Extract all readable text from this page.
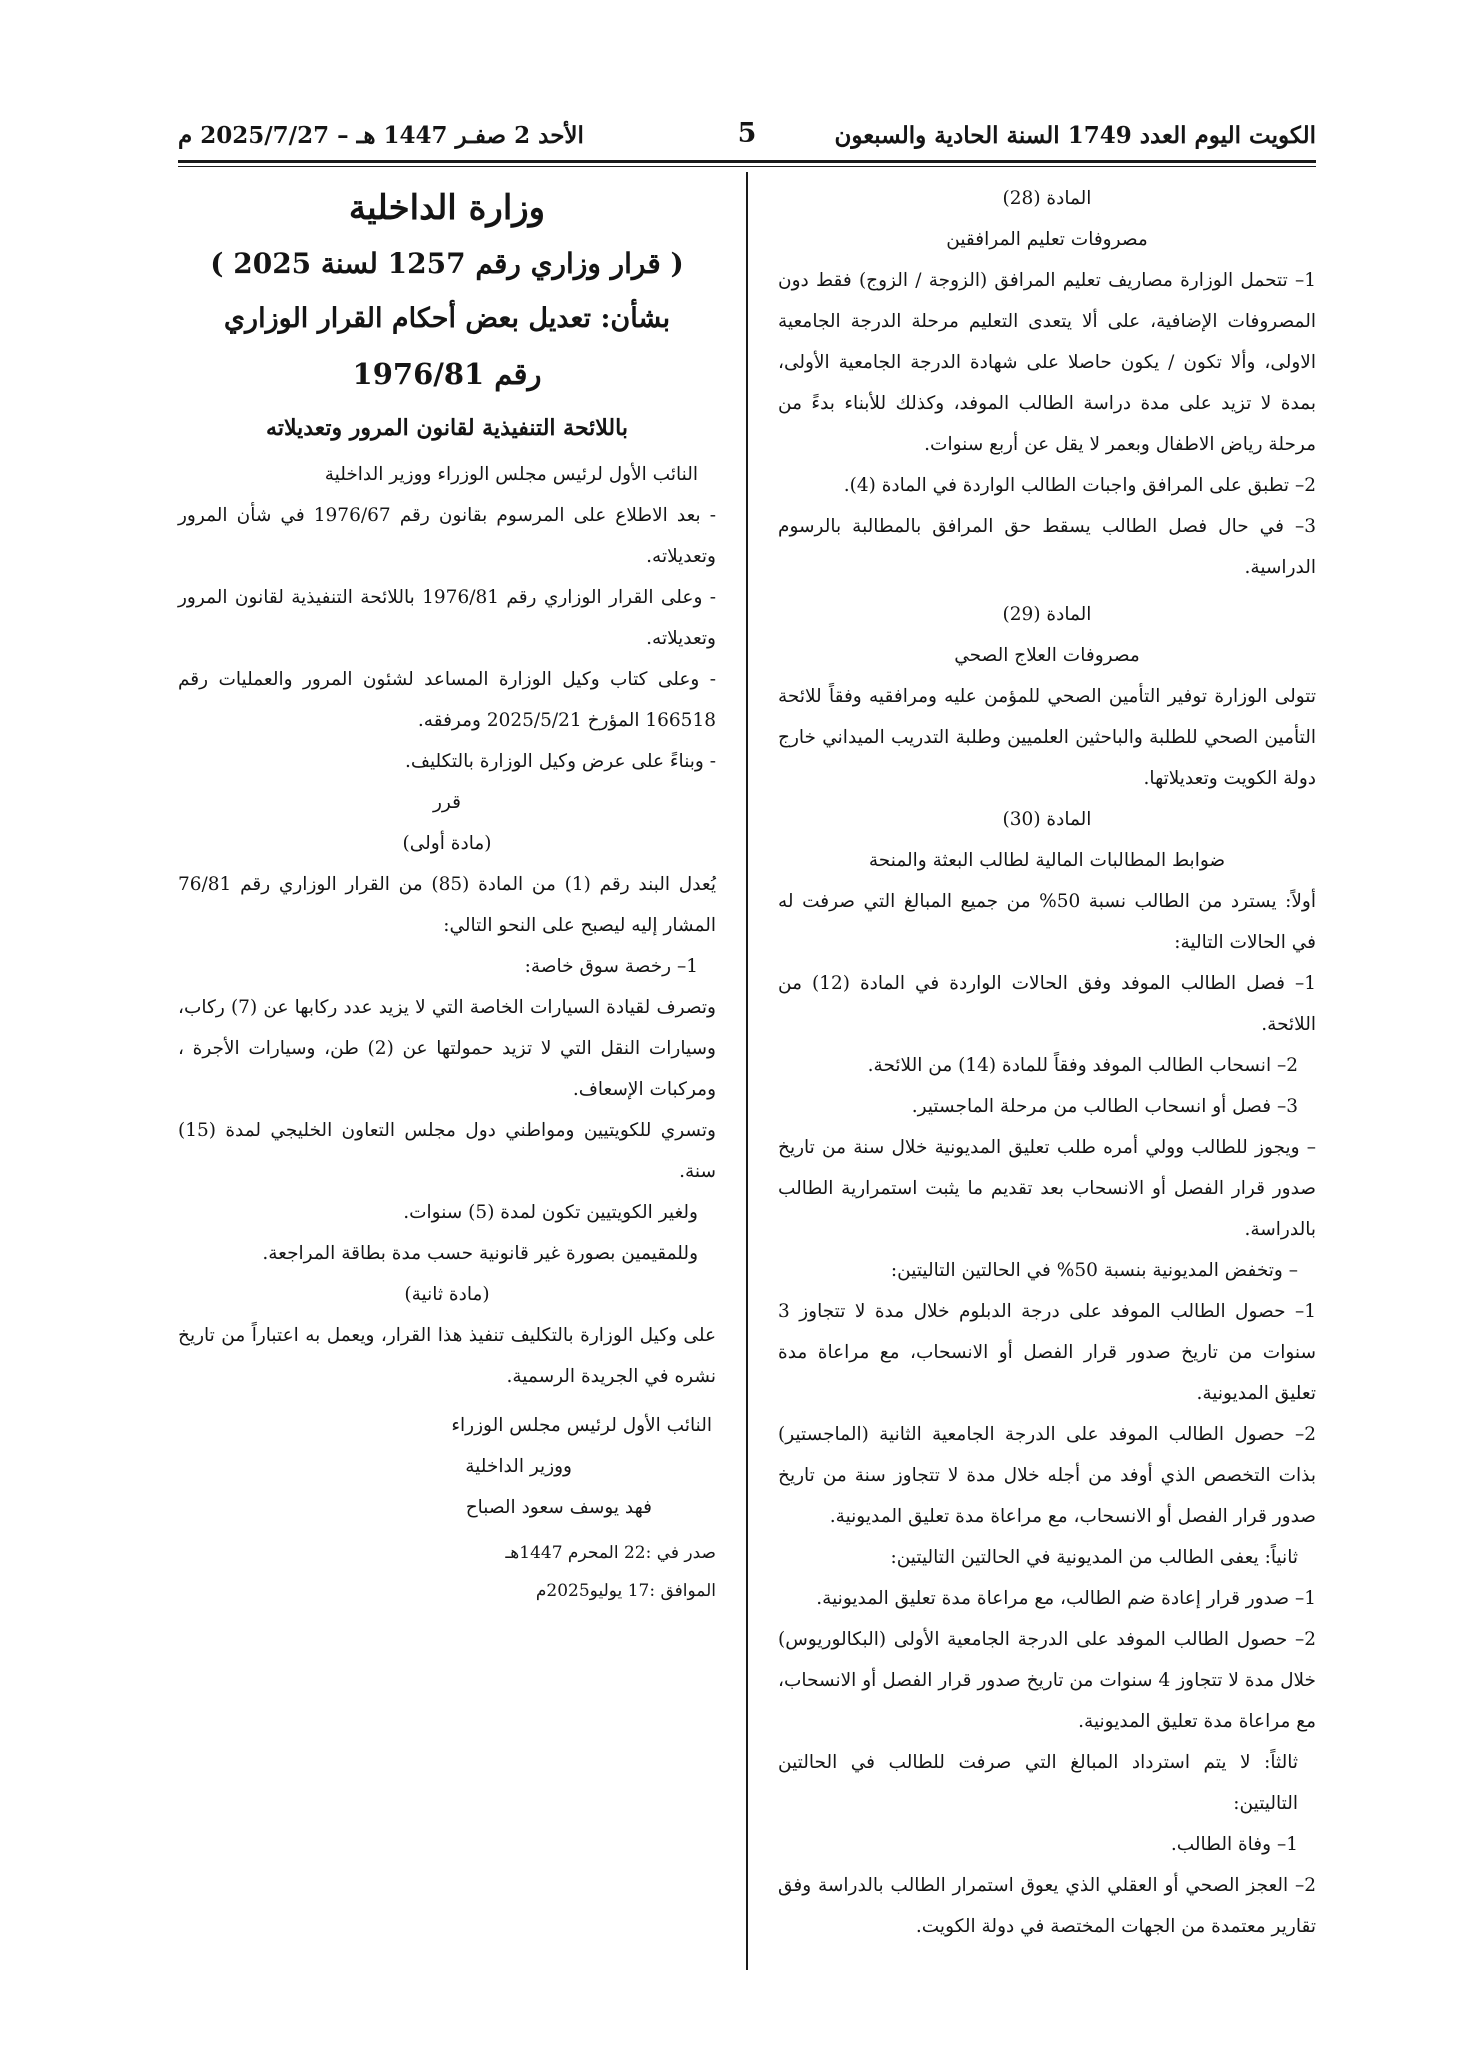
الكويت اليوم العدد 1749 السنة الحادية والسبعون
5
الأحد 2 صفـر 1447 هـ – 2025/7/27 م

المادة (28)

مصروفات تعليم المرافقين

1– تتحمل الوزارة مصاريف تعليم المرافق (الزوجة / الزوج) فقط دون المصروفات الإضافية، على ألا يتعدى التعليم مرحلة الدرجة الجامعية الاولى، وألا تكون / يكون حاصلا على شهادة الدرجة الجامعية الأولى، بمدة لا تزيد على مدة دراسة الطالب الموفد، وكذلك للأبناء بدءً من مرحلة رياض الاطفال وبعمر لا يقل عن أربع سنوات.

2– تطبق على المرافق واجبات الطالب الواردة في المادة (4).

3– في حال فصل الطالب يسقط حق المرافق بالمطالبة بالرسوم الدراسية.

المادة (29)

مصروفات العلاج الصحي

تتولى الوزارة توفير التأمين الصحي للمؤمن عليه ومرافقيه وفقاً للائحة التأمين الصحي للطلبة والباحثين العلميين وطلبة التدريب الميداني خارج دولة الكويت وتعديلاتها.

المادة (30)

ضوابط المطالبات المالية لطالب البعثة والمنحة

أولاً: يسترد من الطالب نسبة 50% من جميع المبالغ التي صرفت له في الحالات التالية:

1– فصل الطالب الموفد وفق الحالات الواردة في المادة (12) من اللائحة.

2– انسحاب الطالب الموفد وفقاً للمادة (14) من اللائحة.

3– فصل أو انسحاب الطالب من مرحلة الماجستير.

– ويجوز للطالب وولي أمره طلب تعليق المديونية خلال سنة من تاريخ صدور قرار الفصل أو الانسحاب بعد تقديم ما يثبت استمرارية الطالب بالدراسة.

– وتخفض المديونية بنسبة 50% في الحالتين التاليتين:

1– حصول الطالب الموفد على درجة الدبلوم خلال مدة لا تتجاوز 3 سنوات من تاريخ صدور قرار الفصل أو الانسحاب، مع مراعاة مدة تعليق المديونية.

2– حصول الطالب الموفد على الدرجة الجامعية الثانية (الماجستير) بذات التخصص الذي أوفد من أجله خلال مدة لا تتجاوز سنة من تاريخ صدور قرار الفصل أو الانسحاب، مع مراعاة مدة تعليق المديونية.

ثانياً: يعفى الطالب من المديونية في الحالتين التاليتين:

1– صدور قرار إعادة ضم الطالب، مع مراعاة مدة تعليق المديونية.

2– حصول الطالب الموفد على الدرجة الجامعية الأولى (البكالوريوس) خلال مدة لا تتجاوز 4 سنوات من تاريخ صدور قرار الفصل أو الانسحاب، مع مراعاة مدة تعليق المديونية.

ثالثاً: لا يتم استرداد المبالغ التي صرفت للطالب في الحالتين التاليتين:

1– وفاة الطالب.

2– العجز الصحي أو العقلي الذي يعوق استمرار الطالب بالدراسة وفق تقارير معتمدة من الجهات المختصة في دولة الكويت.

وزارة الداخلية

( قرار وزاري رقم 1257 لسنة 2025 )

بشأن: تعديل بعض أحكام القرار الوزاري

رقم 1976/81

باللائحة التنفيذية لقانون المرور وتعديلاته

النائب الأول لرئيس مجلس الوزراء ووزير الداخلية

- بعد الاطلاع على المرسوم بقانون رقم 1976/67 في شأن المرور وتعديلاته.

- وعلى القرار الوزاري رقم 1976/81 باللائحة التنفيذية لقانون المرور وتعديلاته.

- وعلى كتاب وكيل الوزارة المساعد لشئون المرور والعمليات رقم 166518 المؤرخ 2025/5/21 ومرفقه.

- وبناءً على عرض وكيل الوزارة بالتكليف.

قرر

(مادة أولى)

يُعدل البند رقم (1) من المادة (85) من القرار الوزاري رقم 76/81 المشار إليه ليصبح على النحو التالي:

1– رخصة سوق خاصة:

وتصرف لقيادة السيارات الخاصة التي لا يزيد عدد ركابها عن (7) ركاب، وسيارات النقل التي لا تزيد حمولتها عن (2) طن، وسيارات الأجرة ، ومركبات الإسعاف.

وتسري للكويتيين ومواطني دول مجلس التعاون الخليجي لمدة (15) سنة.

ولغير الكويتيين تكون لمدة (5) سنوات.

وللمقيمين بصورة غير قانونية حسب مدة بطاقة المراجعة.

(مادة ثانية)

على وكيل الوزارة بالتكليف تنفيذ هذا القرار، ويعمل به اعتباراً من تاريخ نشره في الجريدة الرسمية.

النائب الأول لرئيس مجلس الوزراء

ووزير الداخلية

فهد يوسف سعود الصباح

صدر في :22 المحرم 1447هـ

الموافق :17 يوليو2025م
